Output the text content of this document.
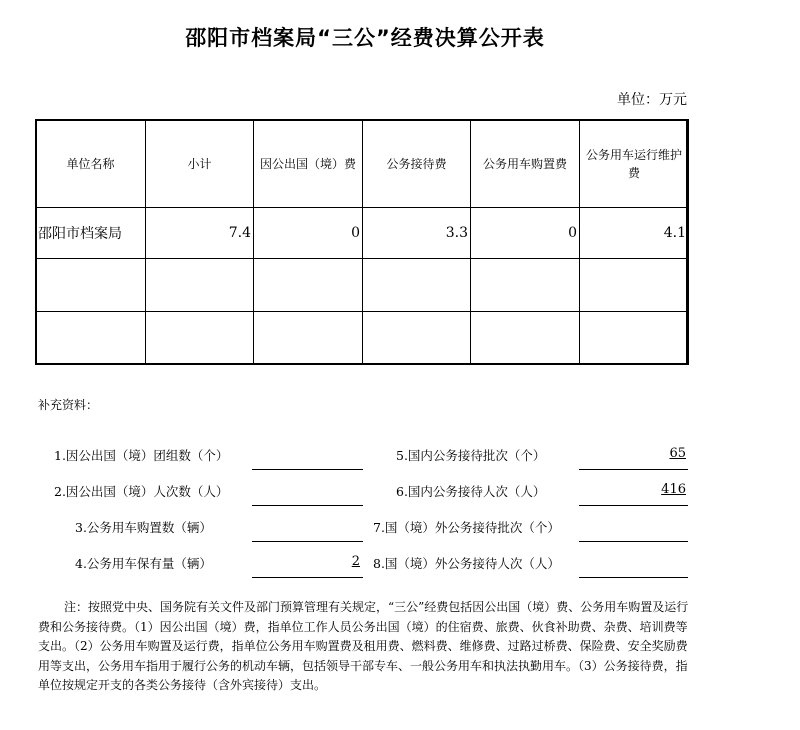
邵阳市档案局“三公”经费决算公开表
单位：万元
单位名称	小计	因公出国（境）费	公务接待费	公务用车购置费	公务用车运行维护费
邵阳市档案局	7.4	0	3.3	0	4.1

补充资料：
1.因公出国（境）团组数（个）
2.因公出国（境）人次数（人）
3.公务用车购置数（辆）
4.公务用车保有量（辆）	2
5.国内公务接待批次（个）	65
6.国内公务接待人次（人）	416
7.国（境）外公务接待批次（个）
8.国（境）外公务接待人次（人）
注：按照党中央、国务院有关文件及部门预算管理有关规定，“三公”经费包括因公出国（境）费、公务用车购置及运行费和公务接待费。（1）因公出国（境）费，指单位工作人员公务出国（境）的住宿费、旅费、伙食补助费、杂费、培训费等支出。（2）公务用车购置及运行费，指单位公务用车购置费及租用费、燃料费、维修费、过路过桥费、保险费、安全奖励费用等支出，公务用车指用于履行公务的机动车辆，包括领导干部专车、一般公务用车和执法执勤用车。（3）公务接待费，指单位按规定开支的各类公务接待（含外宾接待）支出。
